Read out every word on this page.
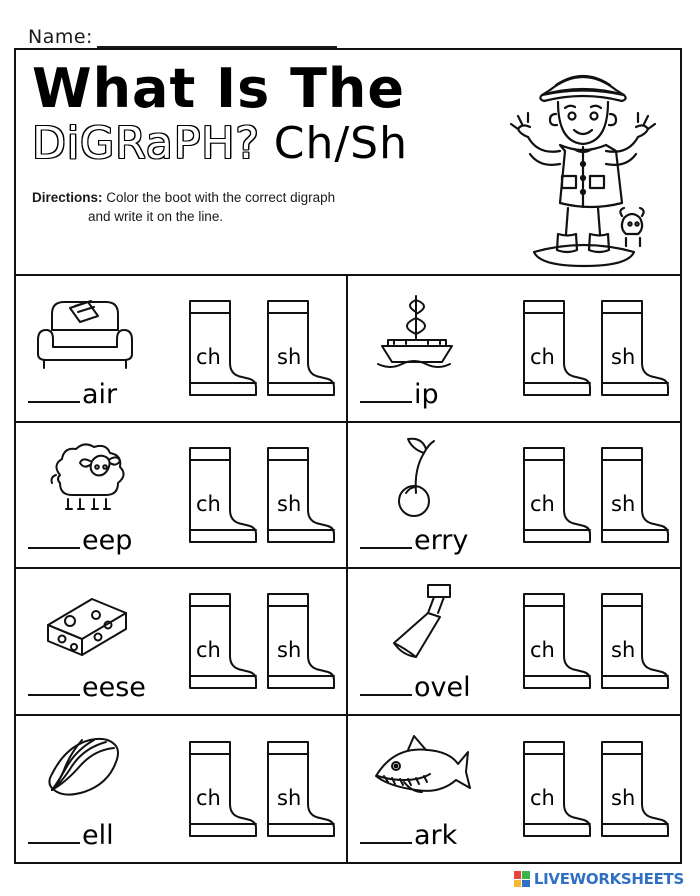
Name:
What Is The
DiGRaPH? Ch/Sh
Directions: Color the boot with the correct digraph
and write it on the line.
air
ch	sh
ip
ch	sh
eep
ch	sh
erry
ch	sh
eese
ch	sh
ovel
ch	sh
ell
ch	sh
ark
ch	sh
LIVEWORKSHEETS
